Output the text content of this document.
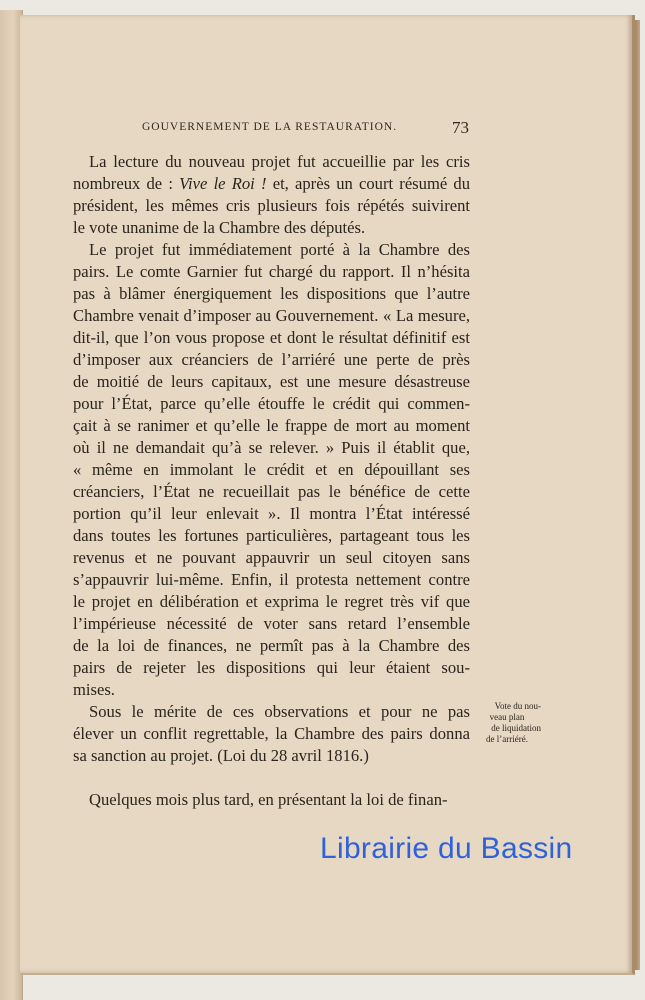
GOUVERNEMENT DE LA RESTAURATION.	73
La lecture du nouveau projet fut accueillie par les cris
nombreux de : Vive le Roi ! et, après un court résumé du
président, les mêmes cris plusieurs fois répétés suivirent
le vote unanime de la Chambre des députés.
Le projet fut immédiatement porté à la Chambre des
pairs. Le comte Garnier fut chargé du rapport. Il n’hésita
pas à blâmer énergiquement les dispositions que l’autre
Chambre venait d’imposer au Gouvernement. « La mesure,
dit-il, que l’on vous propose et dont le résultat définitif est
d’imposer aux créanciers de l’arriéré une perte de près
de moitié de leurs capitaux, est une mesure désastreuse
pour l’État, parce qu’elle étouffe le crédit qui commen-
çait à se ranimer et qu’elle le frappe de mort au moment
où il ne demandait qu’à se relever. » Puis il établit que,
« même en immolant le crédit et en dépouillant ses
créanciers, l’État ne recueillait pas le bénéfice de cette
portion qu’il leur enlevait ». Il montra l’État intéressé
dans toutes les fortunes particulières, partageant tous les
revenus et ne pouvant appauvrir un seul citoyen sans
s’appauvrir lui-même. Enfin, il protesta nettement contre
le projet en délibération et exprima le regret très vif que
l’impérieuse nécessité de voter sans retard l’ensemble
de la loi de finances, ne permît pas à la Chambre des
pairs de rejeter les dispositions qui leur étaient sou-
mises.
Sous le mérite de ces observations et pour ne pas
élever un conflit regrettable, la Chambre des pairs donna
sa sanction au projet. (Loi du 28 avril 1816.)
Quelques mois plus tard, en présentant la loi de finan-
Vote du nou-
veau plan
de liquidation
de l’arriéré.
Librairie du Bassin
